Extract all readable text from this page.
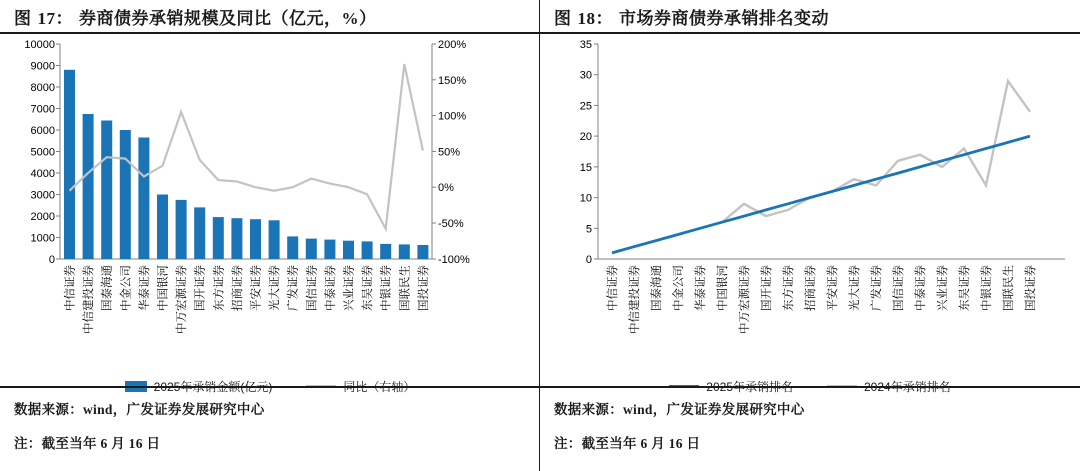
图 17： 券商债券承销规模及同比（亿元，%）
10000
9000
8000
7000
6000
5000
4000
3000
2000
1000
0
200%
150%
100%
50%
0%
-50%
-100%
中信证券 中信建投证券 国泰海通 中金公司 华泰证券 中国银河 中万宏源证券 国开证券 东方证券 招商证券 平安证券 光大证券 广发证券 国信证券 中泰证券 兴业证券 东吴证券 中银证券 国联民生 国投证券
2025年承销金额(亿元)	同比（右轴）
数据来源：wind，广发证券发展研究中心
注：截至当年 6 月 16 日
图 18： 市场券商债券承销排名变动
35
30
25
20
15
10
5
0
中信证券 中信建投证券 国泰海通 中金公司 华泰证券 中国银河 中万宏源证券 国开证券 东方证券 招商证券 平安证券 光大证券 广发证券 国信证券 中泰证券 兴业证券 东吴证券 中银证券 国联民生 国投证券
2025年承销排名	2024年承销排名
数据来源：wind，广发证券发展研究中心
注：截至当年 6 月 16 日
